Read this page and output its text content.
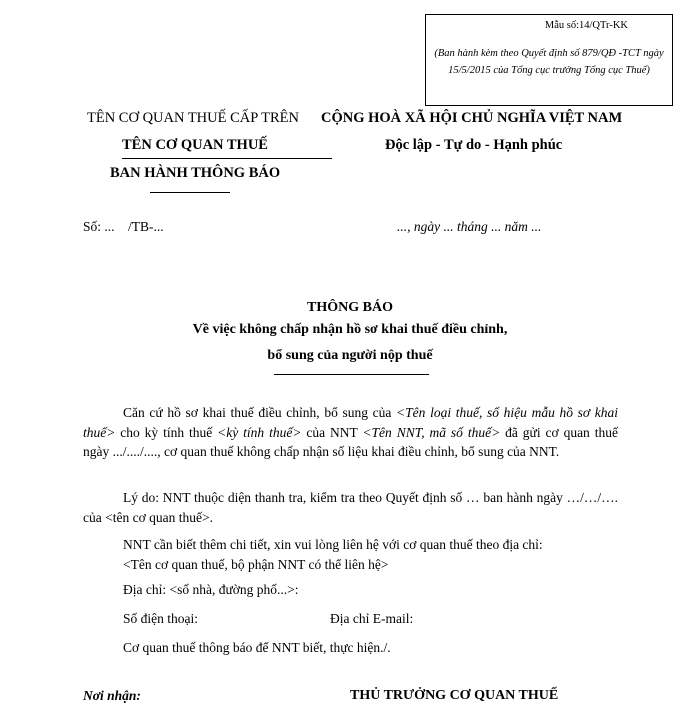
Mẫu số:14/QTr-KK
(Ban hành kèm theo Quyết định số 879/QĐ -TCT ngày 15/5/2015 của Tổng cục trưởng Tổng cục Thuế)
TÊN CƠ QUAN THUẾ CẤP TRÊN
TÊN CƠ QUAN THUẾ
BAN HÀNH THÔNG BÁO
CỘNG HOÀ XÃ HỘI CHỦ NGHĨA VIỆT NAM
Độc lập - Tự do - Hạnh phúc
Số: ...    /TB-...	..., ngày ... tháng ... năm ...
THÔNG BÁO
Về việc không chấp nhận hồ sơ khai thuế điều chỉnh,
bổ sung của người nộp thuế
Căn cứ hồ sơ khai thuế điều chỉnh, bổ sung của <Tên loại thuế, số hiệu mẫu hồ sơ khai thuế> cho kỳ tính thuế <kỳ tính thuế> của NNT <Tên NNT, mã số thuế> đã gửi cơ quan thuế ngày .../..../...., cơ quan thuế không chấp nhận số liệu khai điều chỉnh, bổ sung của NNT.
Lý do: NNT thuộc diện thanh tra, kiểm tra theo Quyết định số … ban hành ngày …/…/…. của <tên cơ quan thuế>.
NNT cần biết thêm chi tiết, xin vui lòng liên hệ với cơ quan thuế theo địa chỉ:
<Tên cơ quan thuế, bộ phận NNT có thể liên hệ>
Địa chỉ: <số nhà, đường phố...>:
Số điện thoại:	Địa chỉ E-mail:
Cơ quan thuế thông báo để NNT biết, thực hiện./.
Nơi nhận:	THỦ TRƯỞNG CƠ QUAN THUẾ
